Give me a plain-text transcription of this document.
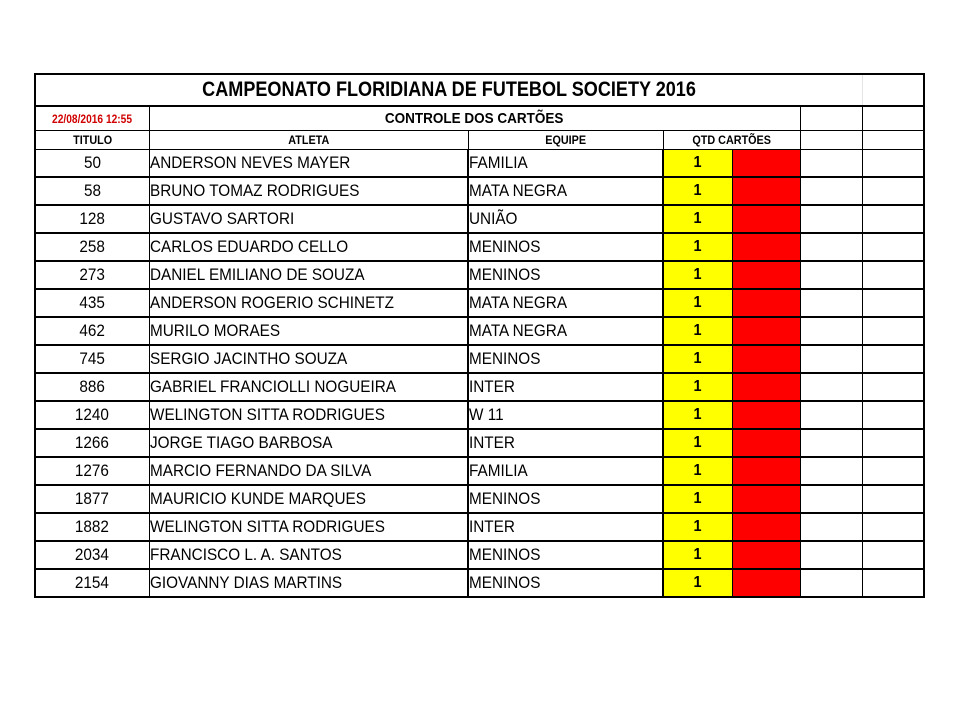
CAMPEONATO FLORIDIANA DE FUTEBOL SOCIETY 2016						
22/08/2016 12:55	CONTROLE DOS CARTÕES					
TITULO	ATLETA	EQUIPE	QTD CARTÕES			
50	ANDERSON NEVES MAYER	FAMILIA	1			
58	BRUNO TOMAZ RODRIGUES	MATA NEGRA	1			
128	GUSTAVO SARTORI	UNIÃO	1			
258	CARLOS EDUARDO CELLO	MENINOS	1			
273	DANIEL EMILIANO DE SOUZA	MENINOS	1			
435	ANDERSON ROGERIO SCHINETZ	MATA NEGRA	1			
462	MURILO MORAES	MATA NEGRA	1			
745	SERGIO JACINTHO SOUZA	MENINOS	1			
886	GABRIEL FRANCIOLLI NOGUEIRA	INTER	1			
1240	WELINGTON SITTA RODRIGUES	W 11	1			
1266	JORGE TIAGO BARBOSA	INTER	1			
1276	MARCIO FERNANDO DA SILVA	FAMILIA	1			
1877	MAURICIO KUNDE MARQUES	MENINOS	1			
1882	WELINGTON SITTA RODRIGUES	INTER	1			
2034	FRANCISCO L. A. SANTOS	MENINOS	1			
2154	GIOVANNY DIAS MARTINS	MENINOS	1			
